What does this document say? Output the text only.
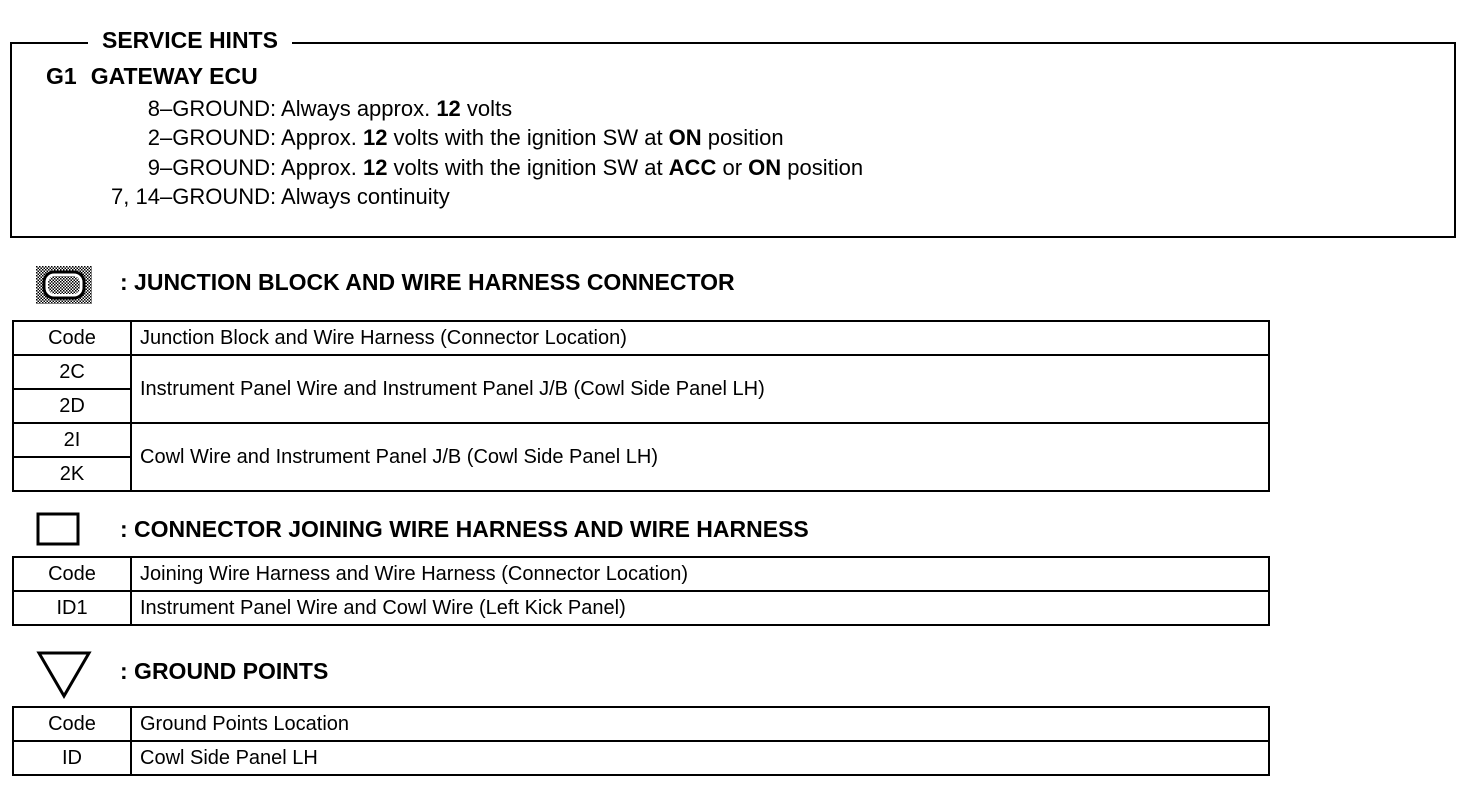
SERVICE HINTS
G1 GATEWAY ECU
8–GROUND : Always approx. 12 volts
2–GROUND : Approx. 12 volts with the ignition SW at ON position
9–GROUND : Approx. 12 volts with the ignition SW at ACC or ON position
7, 14–GROUND : Always continuity
: JUNCTION BLOCK AND WIRE HARNESS CONNECTOR
Code	Junction Block and Wire Harness (Connector Location)
2C	Instrument Panel Wire and Instrument Panel J/B (Cowl Side Panel LH)
2D	
2I	Cowl Wire and Instrument Panel J/B (Cowl Side Panel LH)
2K	
: CONNECTOR JOINING WIRE HARNESS AND WIRE HARNESS
Code	Joining Wire Harness and Wire Harness (Connector Location)
ID1	Instrument Panel Wire and Cowl Wire (Left Kick Panel)
: GROUND POINTS
Code	Ground Points Location
ID	Cowl Side Panel LH
